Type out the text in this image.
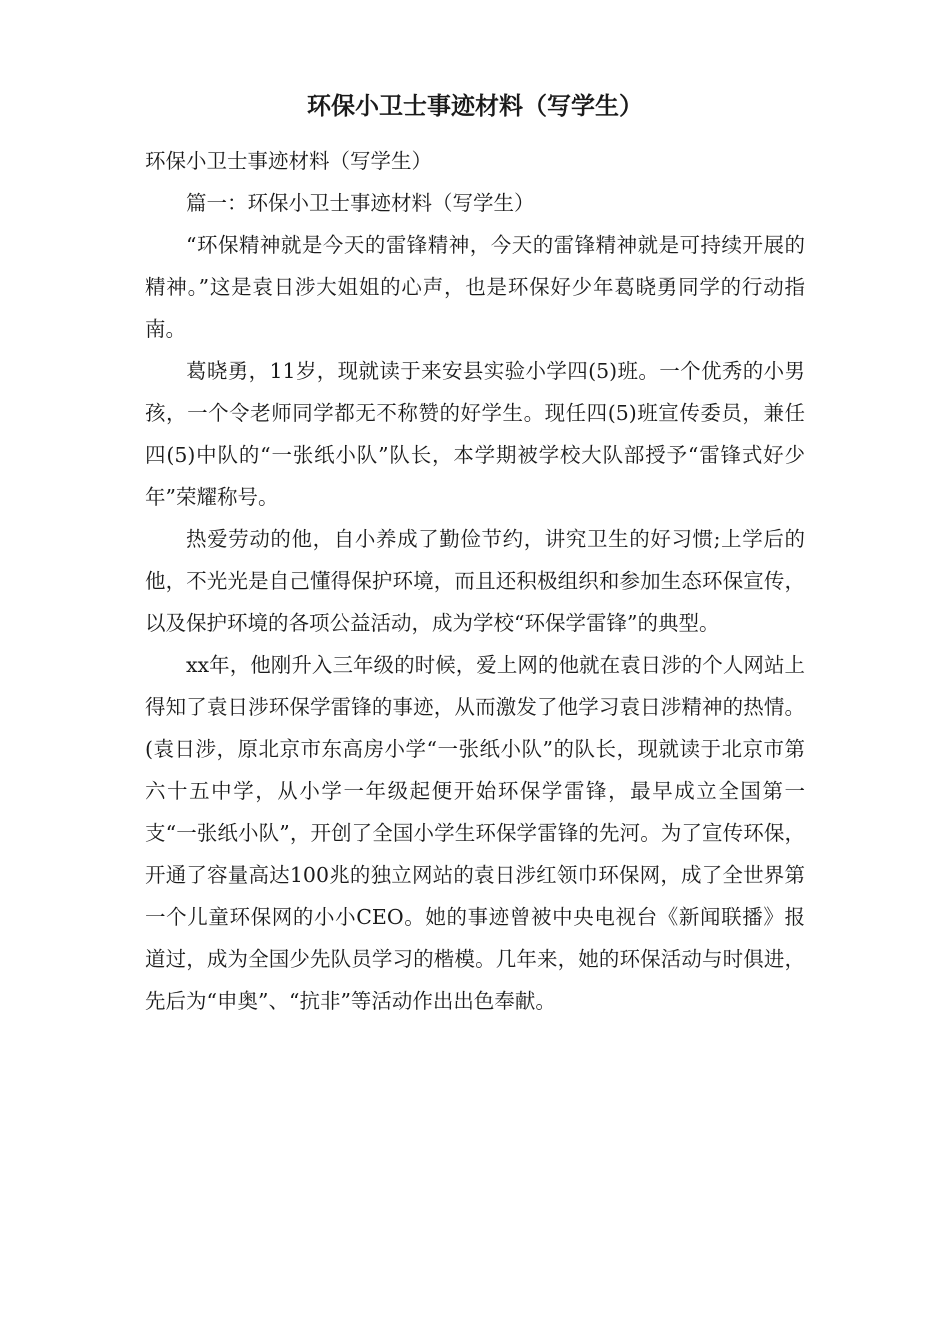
环保小卫士事迹材料（写学生）

环保小卫士事迹材料（写学生）

篇一：环保小卫士事迹材料（写学生）

“环保精神就是今天的雷锋精神，今天的雷锋精神就是可持续开展的精神。”这是袁日涉大姐姐的心声，也是环保好少年葛晓勇同学的行动指南。

葛晓勇，11岁，现就读于来安县实验小学四(5)班。一个优秀的小男孩，一个令老师同学都无不称赞的好学生。现任四(5)班宣传委员，兼任四(5)中队的“一张纸小队”队长，本学期被学校大队部授予“雷锋式好少年”荣耀称号。

热爱劳动的他，自小养成了勤俭节约，讲究卫生的好习惯;上学后的他，不光光是自己懂得保护环境，而且还积极组织和参加生态环保宣传，以及保护环境的各项公益活动，成为学校“环保学雷锋”的典型。

xx年，他刚升入三年级的时候，爱上网的他就在袁日涉的个人网站上得知了袁日涉环保学雷锋的事迹，从而激发了他学习袁日涉精神的热情。(袁日涉，原北京市东高房小学“一张纸小队”的队长，现就读于北京市第六十五中学，从小学一年级起便开始环保学雷锋，最早成立全国第一支“一张纸小队”，开创了全国小学生环保学雷锋的先河。为了宣传环保，开通了容量高达100兆的独立网站的袁日涉红领巾环保网，成了全世界第一个儿童环保网的小小CEO。她的事迹曾被中央电视台《新闻联播》报道过，成为全国少先队员学习的楷模。几年来，她的环保活动与时俱进，先后为“申奥”、“抗非”等活动作出出色奉献。
